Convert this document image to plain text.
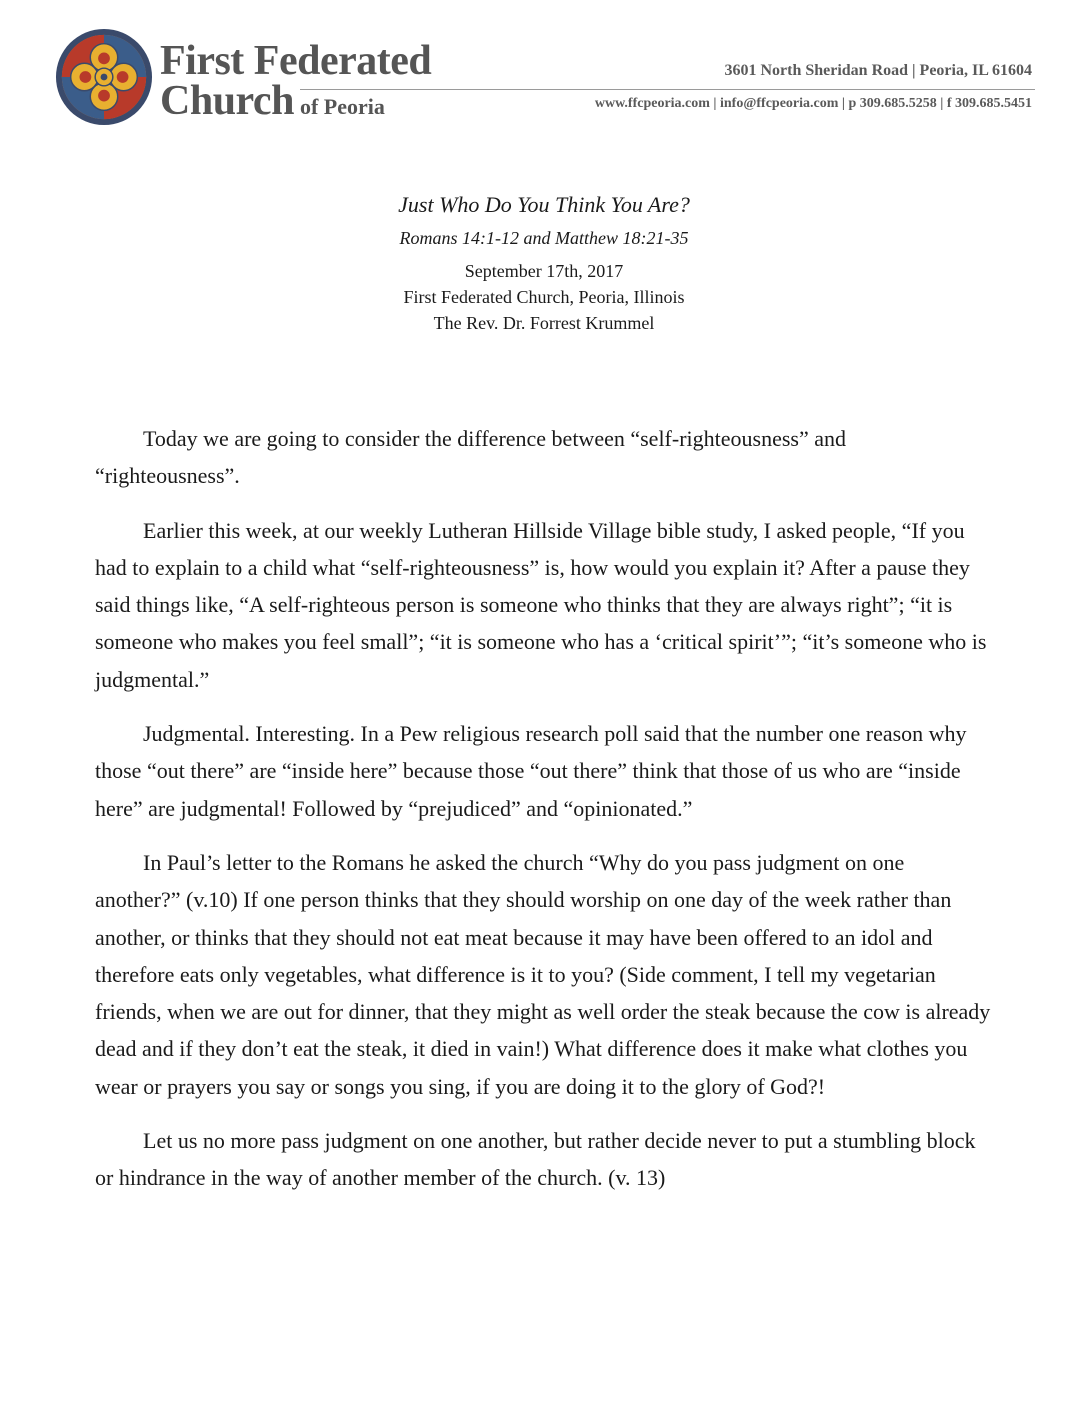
First Federated
Church of Peoria
3601 North Sheridan Road | Peoria, IL 61604
www.ffcpeoria.com | info@ffcpeoria.com | p 309.685.5258 | f 309.685.5451

Just Who Do You Think You Are?

Romans 14:1-12 and Matthew 18:21-35

September 17th, 2017

First Federated Church, Peoria, Illinois

The Rev. Dr. Forrest Krummel

Today we are going to consider the difference between “self-righteousness” and “righteousness”.

Earlier this week, at our weekly Lutheran Hillside Village bible study, I asked people, “If you had to explain to a child what “self-righteousness” is, how would you explain it? After a pause they said things like, “A self-righteous person is someone who thinks that they are always right”; “it is someone who makes you feel small”; “it is someone who has a ‘critical spirit’”; “it’s someone who is judgmental.”

Judgmental. Interesting. In a Pew religious research poll said that the number one reason why those “out there” are “inside here” because those “out there” think that those of us who are “inside here” are judgmental! Followed by “prejudiced” and “opinionated.”

In Paul’s letter to the Romans he asked the church “Why do you pass judgment on one another?” (v.10) If one person thinks that they should worship on one day of the week rather than another, or thinks that they should not eat meat because it may have been offered to an idol and therefore eats only vegetables, what difference is it to you? (Side comment, I tell my vegetarian friends, when we are out for dinner, that they might as well order the steak because the cow is already dead and if they don’t eat the steak, it died in vain!) What difference does it make what clothes you wear or prayers you say or songs you sing, if you are doing it to the glory of God?!

Let us no more pass judgment on one another, but rather decide never to put a stumbling block or hindrance in the way of another member of the church. (v. 13)
